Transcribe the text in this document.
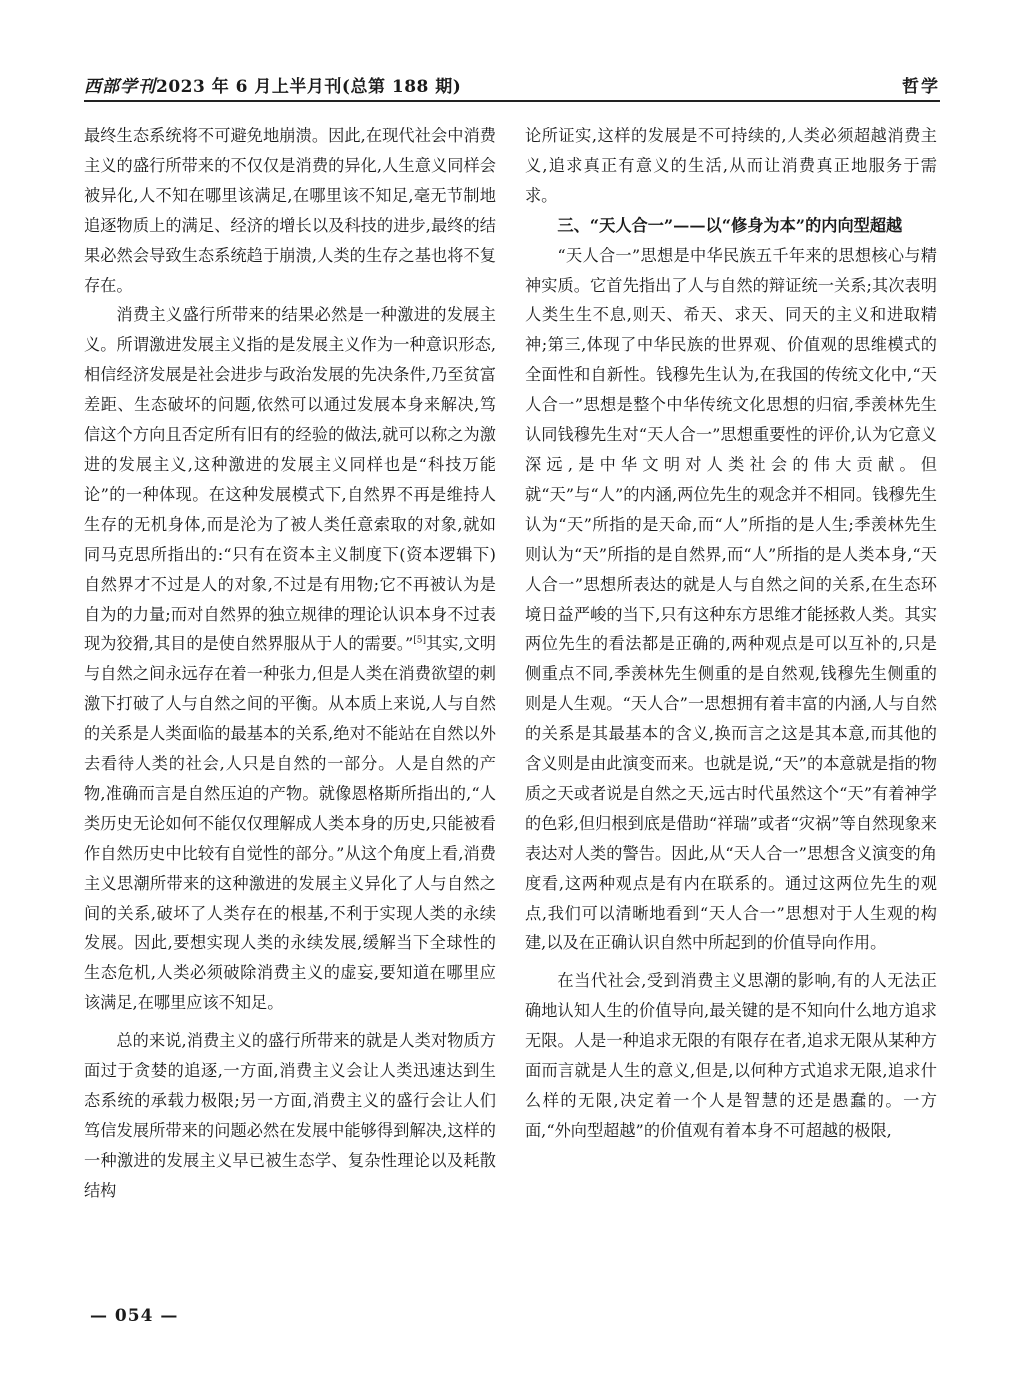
西部学刊2023 年 6 月上半月刊(总第 188 期)	哲学

最终生态系统将不可避免地崩溃。因此,在现代社会中消费主义的盛行所带来的不仅仅是消费的异化,人生意义同样会被异化,人不知在哪里该满足,在哪里该不知足,毫无节制地追逐物质上的满足、经济的增长以及科技的进步,最终的结果必然会导致生态系统趋于崩溃,人类的生存之基也将不复存在。

消费主义盛行所带来的结果必然是一种激进的发展主义。所谓激进发展主义指的是发展主义作为一种意识形态,相信经济发展是社会进步与政治发展的先决条件,乃至贫富差距、生态破坏的问题,依然可以通过发展本身来解决,笃信这个方向且否定所有旧有的经验的做法,就可以称之为激进的发展主义,这种激进的发展主义同样也是“科技万能论”的一种体现。在这种发展模式下,自然界不再是维持人生存的无机身体,而是沦为了被人类任意索取的对象,就如同马克思所指出的:“只有在资本主义制度下(资本逻辑下)自然界才不过是人的对象,不过是有用物;它不再被认为是自为的力量;而对自然界的独立规律的理论认识本身不过表现为狡猾,其目的是使自然界服从于人的需要。”[5]其实,文明与自然之间永远存在着一种张力,但是人类在消费欲望的刺激下打破了人与自然之间的平衡。从本质上来说,人与自然的关系是人类面临的最基本的关系,绝对不能站在自然以外去看待人类的社会,人只是自然的一部分。人是自然的产物,准确而言是自然压迫的产物。就像恩格斯所指出的,“人类历史无论如何不能仅仅理解成人类本身的历史,只能被看作自然历史中比较有自觉性的部分。”从这个角度上看,消费主义思潮所带来的这种激进的发展主义异化了人与自然之间的关系,破坏了人类存在的根基,不利于实现人类的永续发展。因此,要想实现人类的永续发展,缓解当下全球性的生态危机,人类必须破除消费主义的虚妄,要知道在哪里应该满足,在哪里应该不知足。

总的来说,消费主义的盛行所带来的就是人类对物质方面过于贪婪的追逐,一方面,消费主义会让人类迅速达到生态系统的承载力极限;另一方面,消费主义的盛行会让人们笃信发展所带来的问题必然在发展中能够得到解决,这样的一种激进的发展主义早已被生态学、复杂性理论以及耗散结构

论所证实,这样的发展是不可持续的,人类必须超越消费主义,追求真正有意义的生活,从而让消费真正地服务于需求。

三、“天人合一”——以“修身为本”的内向型超越

“天人合一”思想是中华民族五千年来的思想核心与精神实质。它首先指出了人与自然的辩证统一关系;其次表明人类生生不息,则天、希天、求天、同天的主义和进取精神;第三,体现了中华民族的世界观、价值观的思维模式的全面性和自新性。钱穆先生认为,在我国的传统文化中,“天人合一”思想是整个中华传统文化思想的归宿,季羡林先生认同钱穆先生对“天人合一”思想重要性的评价,认为它意义深远,是中华文明对人类社会的伟大贡献。但就“天”与“人”的内涵,两位先生的观念并不相同。钱穆先生认为“天”所指的是天命,而“人”所指的是人生;季羡林先生则认为“天”所指的是自然界,而“人”所指的是人类本身,“天人合一”思想所表达的就是人与自然之间的关系,在生态环境日益严峻的当下,只有这种东方思维才能拯救人类。其实两位先生的看法都是正确的,两种观点是可以互补的,只是侧重点不同,季羡林先生侧重的是自然观,钱穆先生侧重的则是人生观。“天人合”一思想拥有着丰富的内涵,人与自然的关系是其最基本的含义,换而言之这是其本意,而其他的含义则是由此演变而来。也就是说,“天”的本意就是指的物质之天或者说是自然之天,远古时代虽然这个“天”有着神学的色彩,但归根到底是借助“祥瑞”或者“灾祸”等自然现象来表达对人类的警告。因此,从“天人合一”思想含义演变的角度看,这两种观点是有内在联系的。通过这两位先生的观点,我们可以清晰地看到“天人合一”思想对于人生观的构建,以及在正确认识自然中所起到的价值导向作用。

在当代社会,受到消费主义思潮的影响,有的人无法正确地认知人生的价值导向,最关键的是不知向什么地方追求无限。人是一种追求无限的有限存在者,追求无限从某种方面而言就是人生的意义,但是,以何种方式追求无限,追求什么样的无限,决定着一个人是智慧的还是愚蠢的。一方面,“外向型超越”的价值观有着本身不可超越的极限,

— 054 —
